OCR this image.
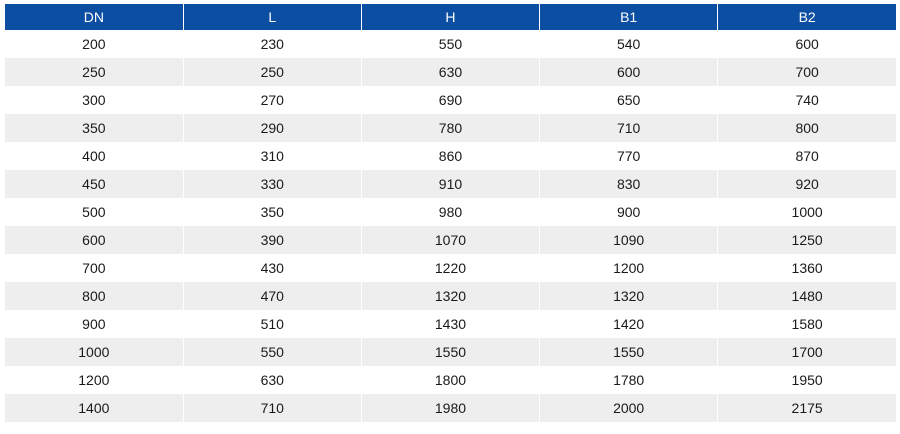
DN	L	H	B1	B2
200	230	550	540	600
250	250	630	600	700
300	270	690	650	740
350	290	780	710	800
400	310	860	770	870
450	330	910	830	920
500	350	980	900	1000
600	390	1070	1090	1250
700	430	1220	1200	1360
800	470	1320	1320	1480
900	510	1430	1420	1580
1000	550	1550	1550	1700
1200	630	1800	1780	1950
1400	710	1980	2000	2175
